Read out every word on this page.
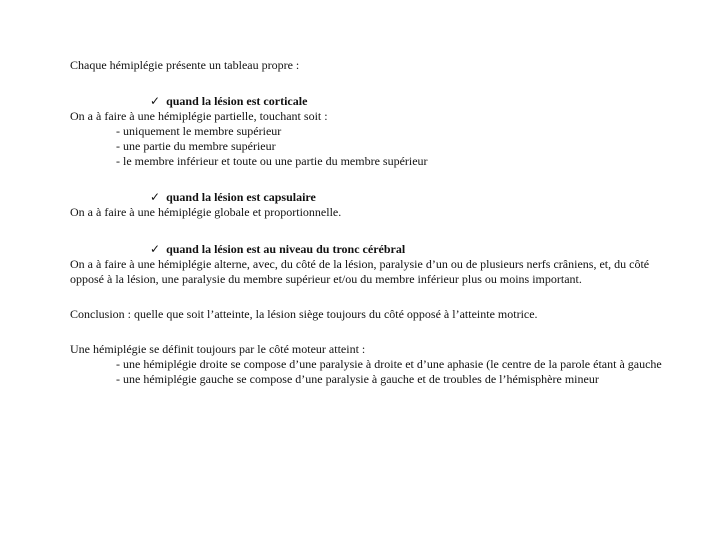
Chaque hémiplégie présente un tableau propre :

✓ quand la lésion est corticale

On a à faire à une hémiplégie partielle, touchant soit :

- uniquement le membre supérieur

- une partie du membre supérieur

- le membre inférieur et toute ou une partie du membre supérieur

✓ quand la lésion est capsulaire

On a à faire à une hémiplégie globale et proportionnelle.

✓ quand la lésion est au niveau du tronc cérébral

On a à faire à une hémiplégie alterne, avec, du côté de la lésion, paralysie d’un ou de plusieurs nerfs crâniens, et, du côté opposé à la lésion, une paralysie du membre supérieur et/ou du membre inférieur plus ou moins important.

Conclusion : quelle que soit l’atteinte, la lésion siège toujours du côté opposé à l’atteinte motrice.

Une hémiplégie se définit toujours par le côté moteur atteint :

- une hémiplégie droite se compose d’une paralysie à droite et d’une aphasie (le centre de la parole étant à gauche

- une hémiplégie gauche se compose d’une paralysie à gauche et de troubles de l’hémisphère mineur
